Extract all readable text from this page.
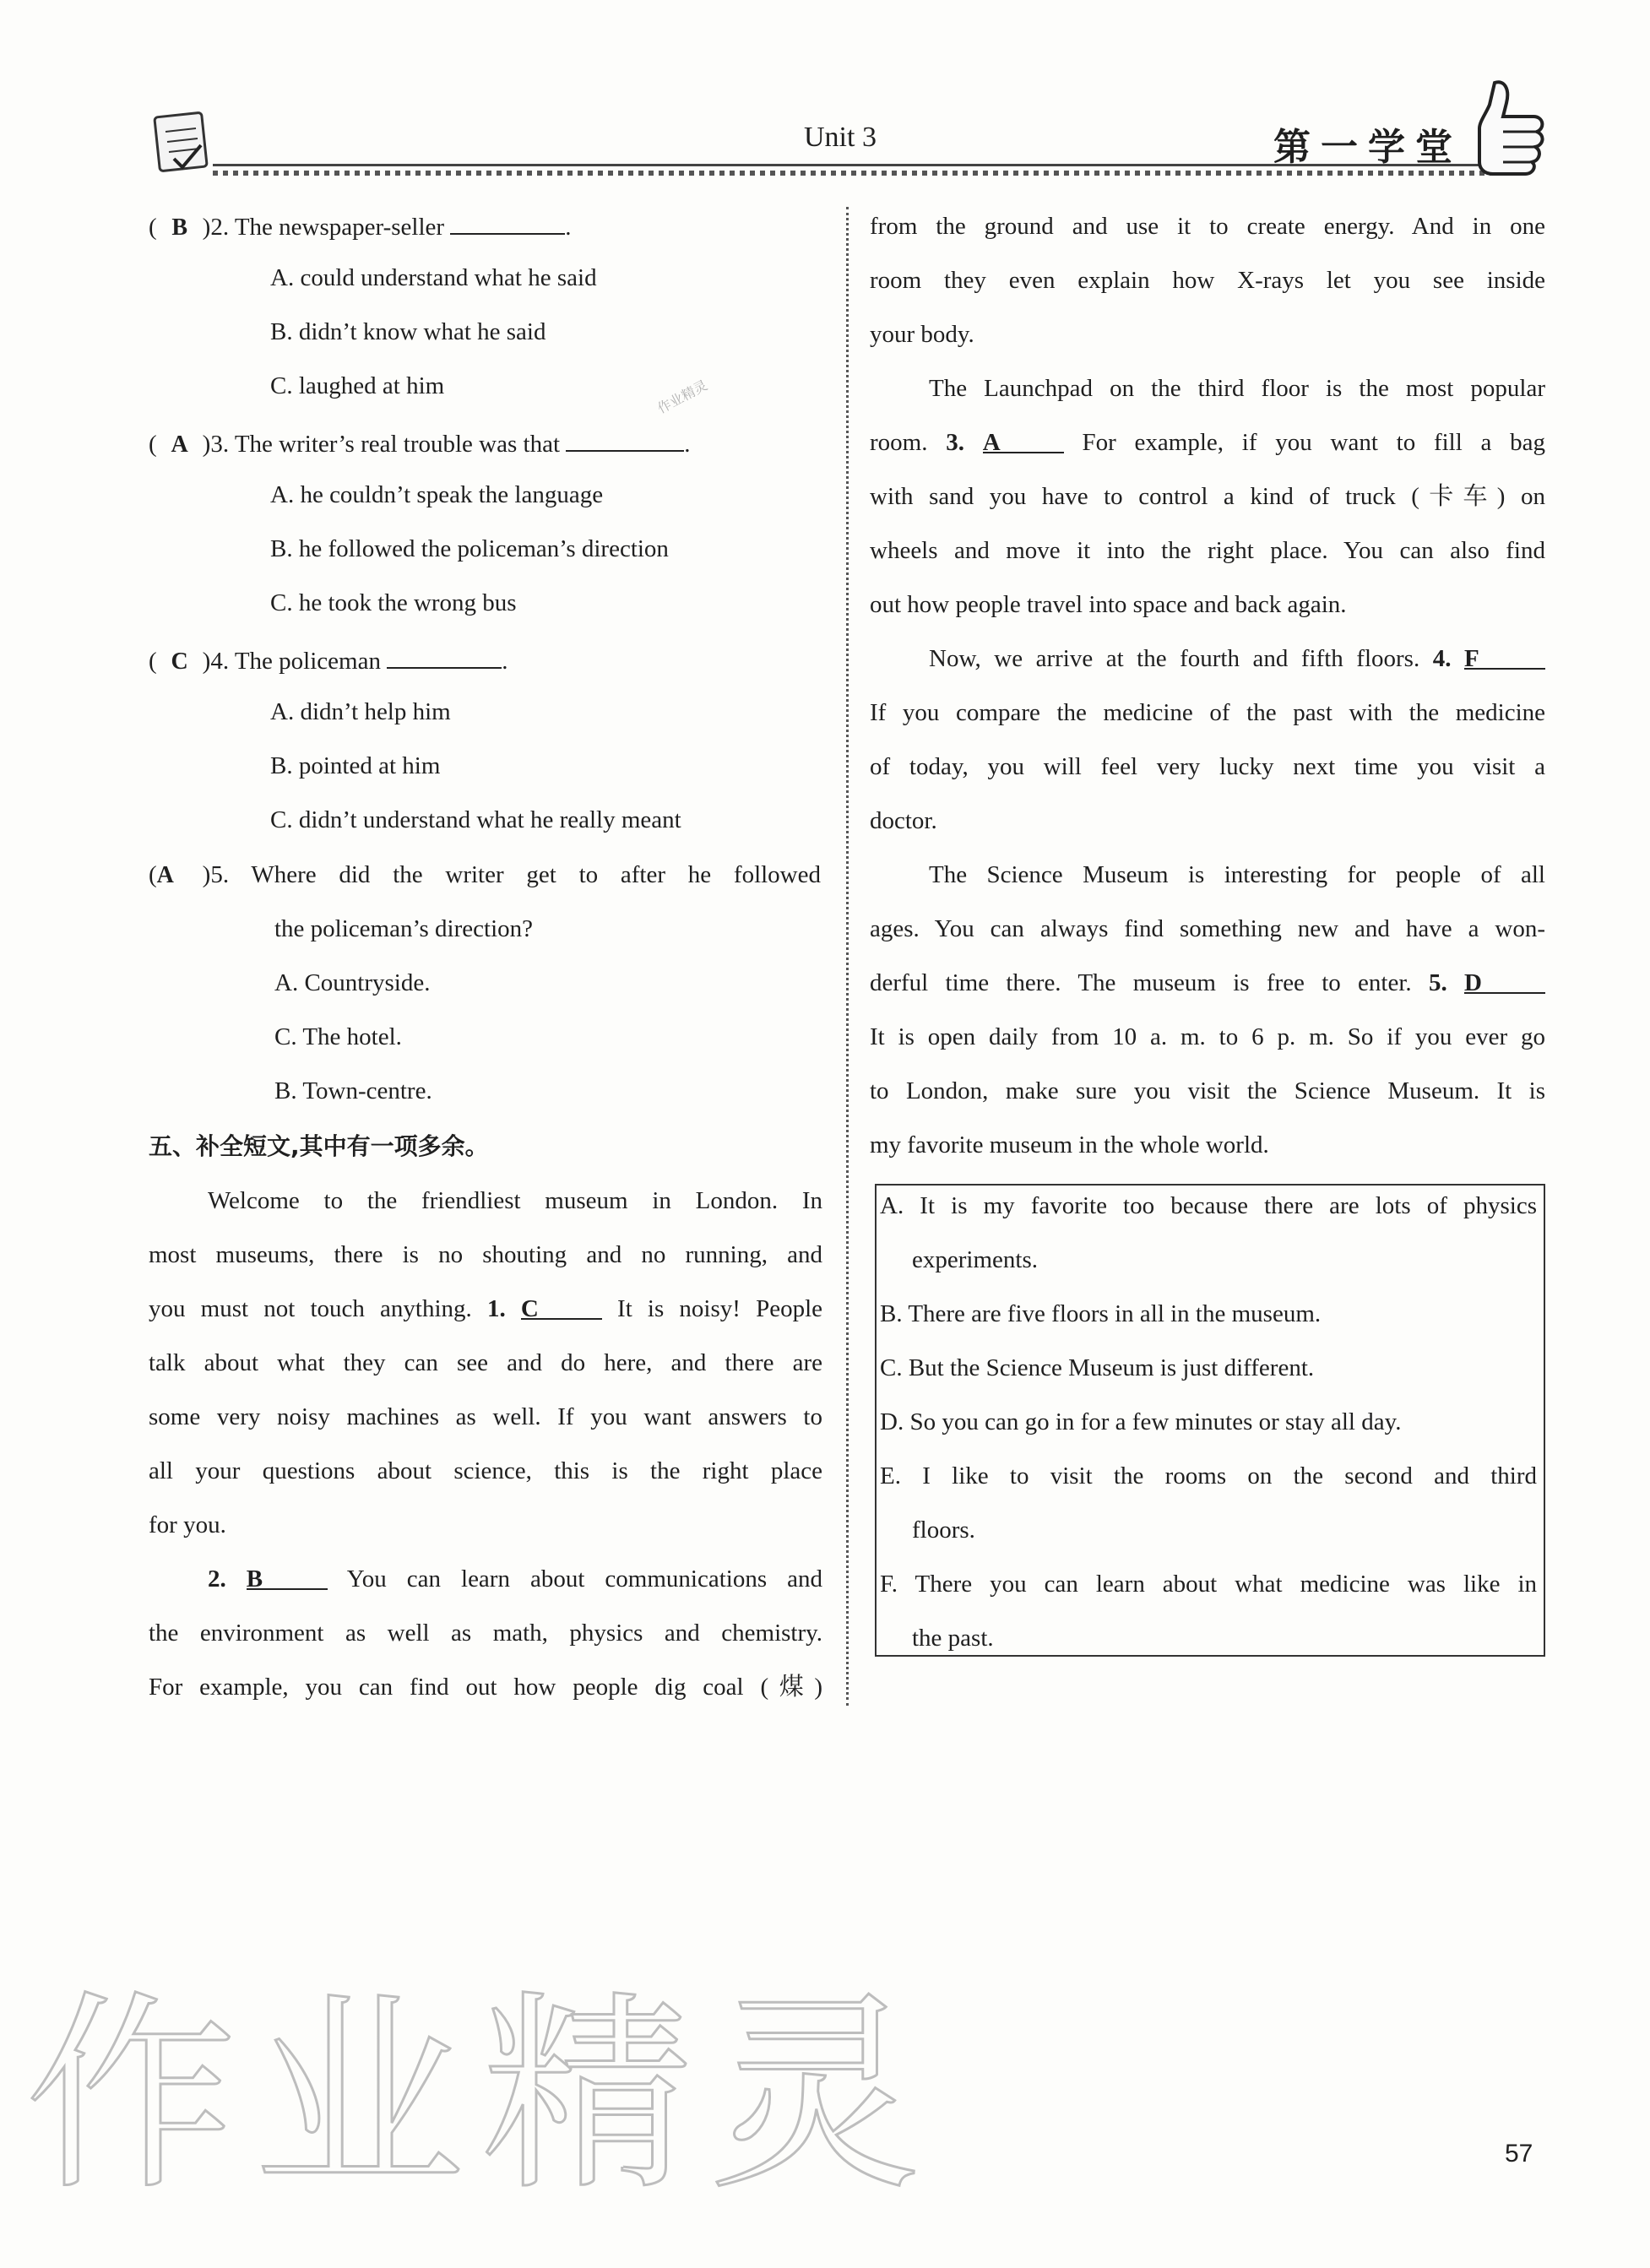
Unit 3	第一学堂
( B )2. The newspaper-seller	.
A. could understand what he said
B. didn’t know what he said
C. laughed at him
( A )3. The writer’s real trouble was that	.
A. he couldn’t speak the language
B. he followed the policeman’s direction
C. he took the wrong bus
( C )4. The policeman	.
A. didn’t help him
B. pointed at him
C. didn’t understand what he really meant
(A )5. Where did the writer get to after he followed
the policeman’s direction?
A. Countryside.
C. The hotel.
B. Town-centre.
五、补全短文,其中有一项多余。
Welcome to the friendliest museum in London. In
most museums, there is no shouting and no running, and
you must not touch anything. 1. C	It is noisy! People
talk about what they can see and do here, and there are
some very noisy machines as well. If you want answers to
all your questions about science, this is the right place
for you.
2. B	You can learn about communications and
the environment as well as math, physics and chemistry.
For example, you can find out how people dig coal (煤)
from the ground and use it to create energy. And in one
room they even explain how X-rays let you see inside
your body.
The Launchpad on the third floor is the most popular
room. 3. A	For example, if you want to fill a bag
with sand you have to control a kind of truck (卡车) on
wheels and move it into the right place. You can also find
out how people travel into space and back again.
Now, we arrive at the fourth and fifth floors. 4. F
If you compare the medicine of the past with the medicine
of today, you will feel very lucky next time you visit a
doctor.
The Science Museum is interesting for people of all
ages. You can always find something new and have a won-
derful time there. The museum is free to enter. 5. D
It is open daily from 10 a. m. to 6 p. m. So if you ever go
to London, make sure you visit the Science Museum. It is
my favorite museum in the whole world.
A. It is my favorite too because there are lots of physics
experiments.
B. There are five floors in all in the museum.
C. But the Science Museum is just different.
D. So you can go in for a few minutes or stay all day.
E. I like to visit the rooms on the second and third
floors.
F. There you can learn about what medicine was like in
the past.
作业精灵
作业精灵	57
